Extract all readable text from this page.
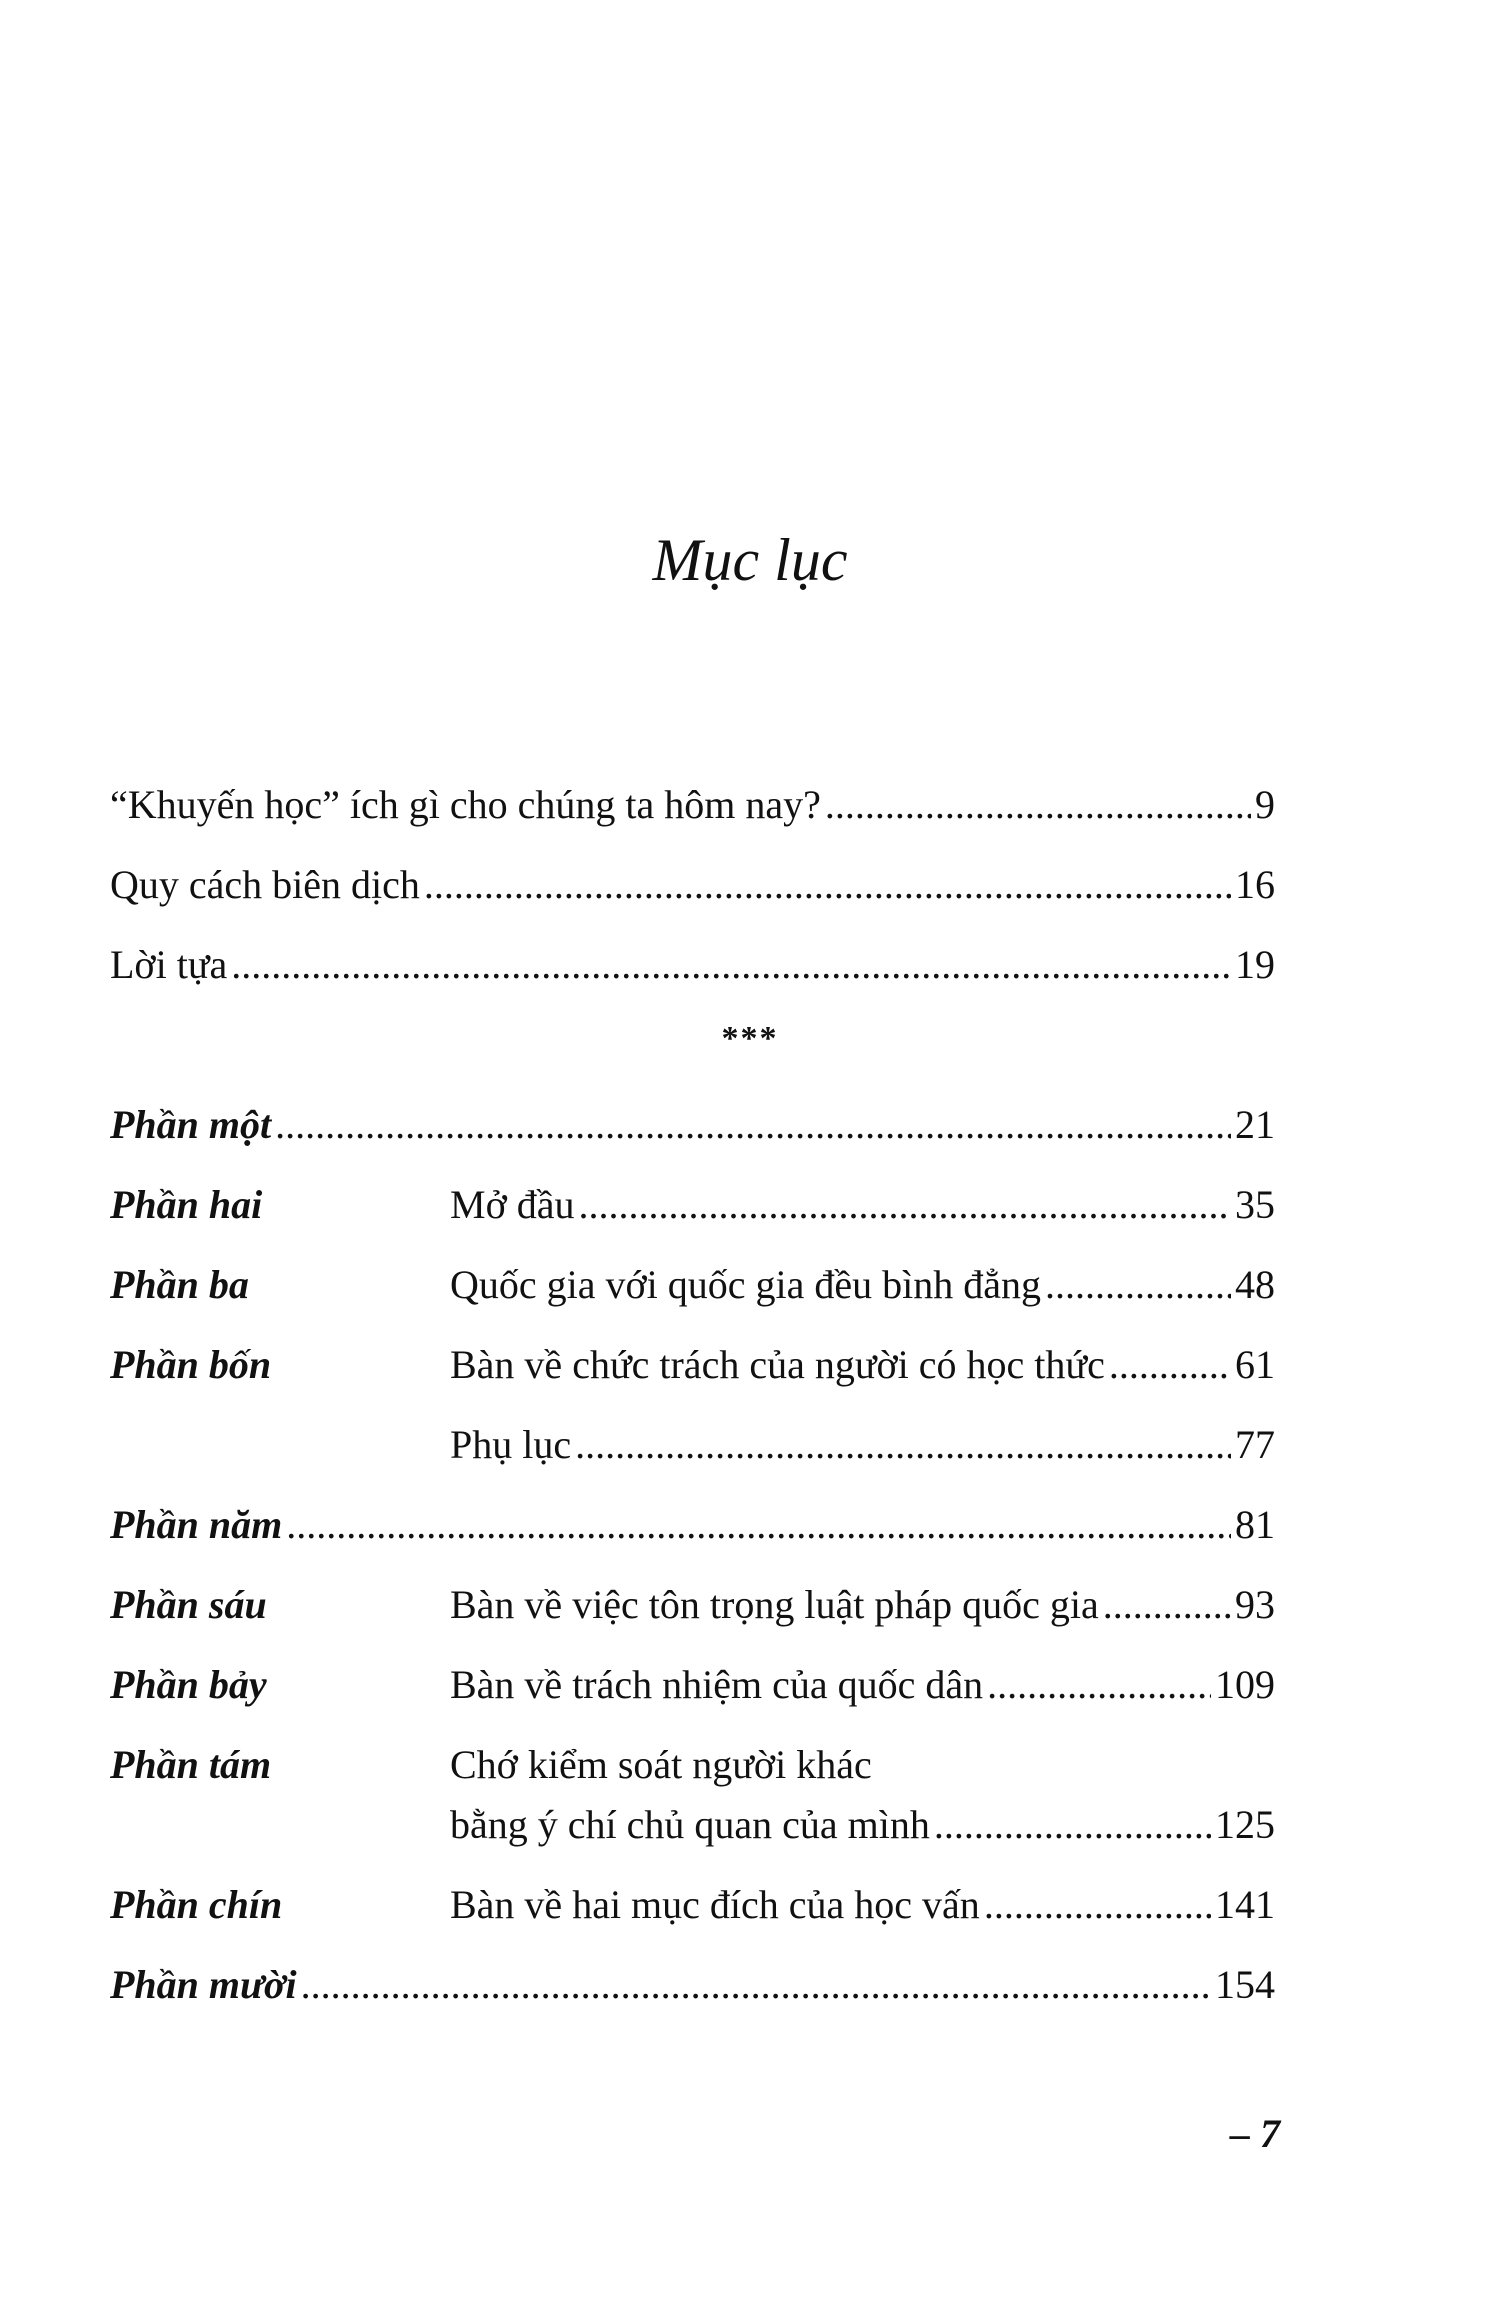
Mục lục
“Khuyến học” ích gì cho chúng ta hôm nay? . . .	9
Quy cách biên dịch . . .	16
Lời tựa . . .	19
Phần một . . .	21
Phần hai	Mở đầu . . .	35
Phần ba	Quốc gia với quốc gia đều bình đẳng . . .	48
Phần bốn	Bàn về chức trách của người có học thức . . .	61
Phụ lục . . .	77
Phần năm . . .	81
Phần sáu	Bàn về việc tôn trọng luật pháp quốc gia . . .	93
Phần bảy	Bàn về trách nhiệm của quốc dân . . .	109
Phần tám	Chớ kiểm soát người khác
bằng ý chí chủ quan của mình . . .	125
Phần chín	Bàn về hai mục đích của học vấn . . .	141
Phần mười . . .	154
***
– 7
